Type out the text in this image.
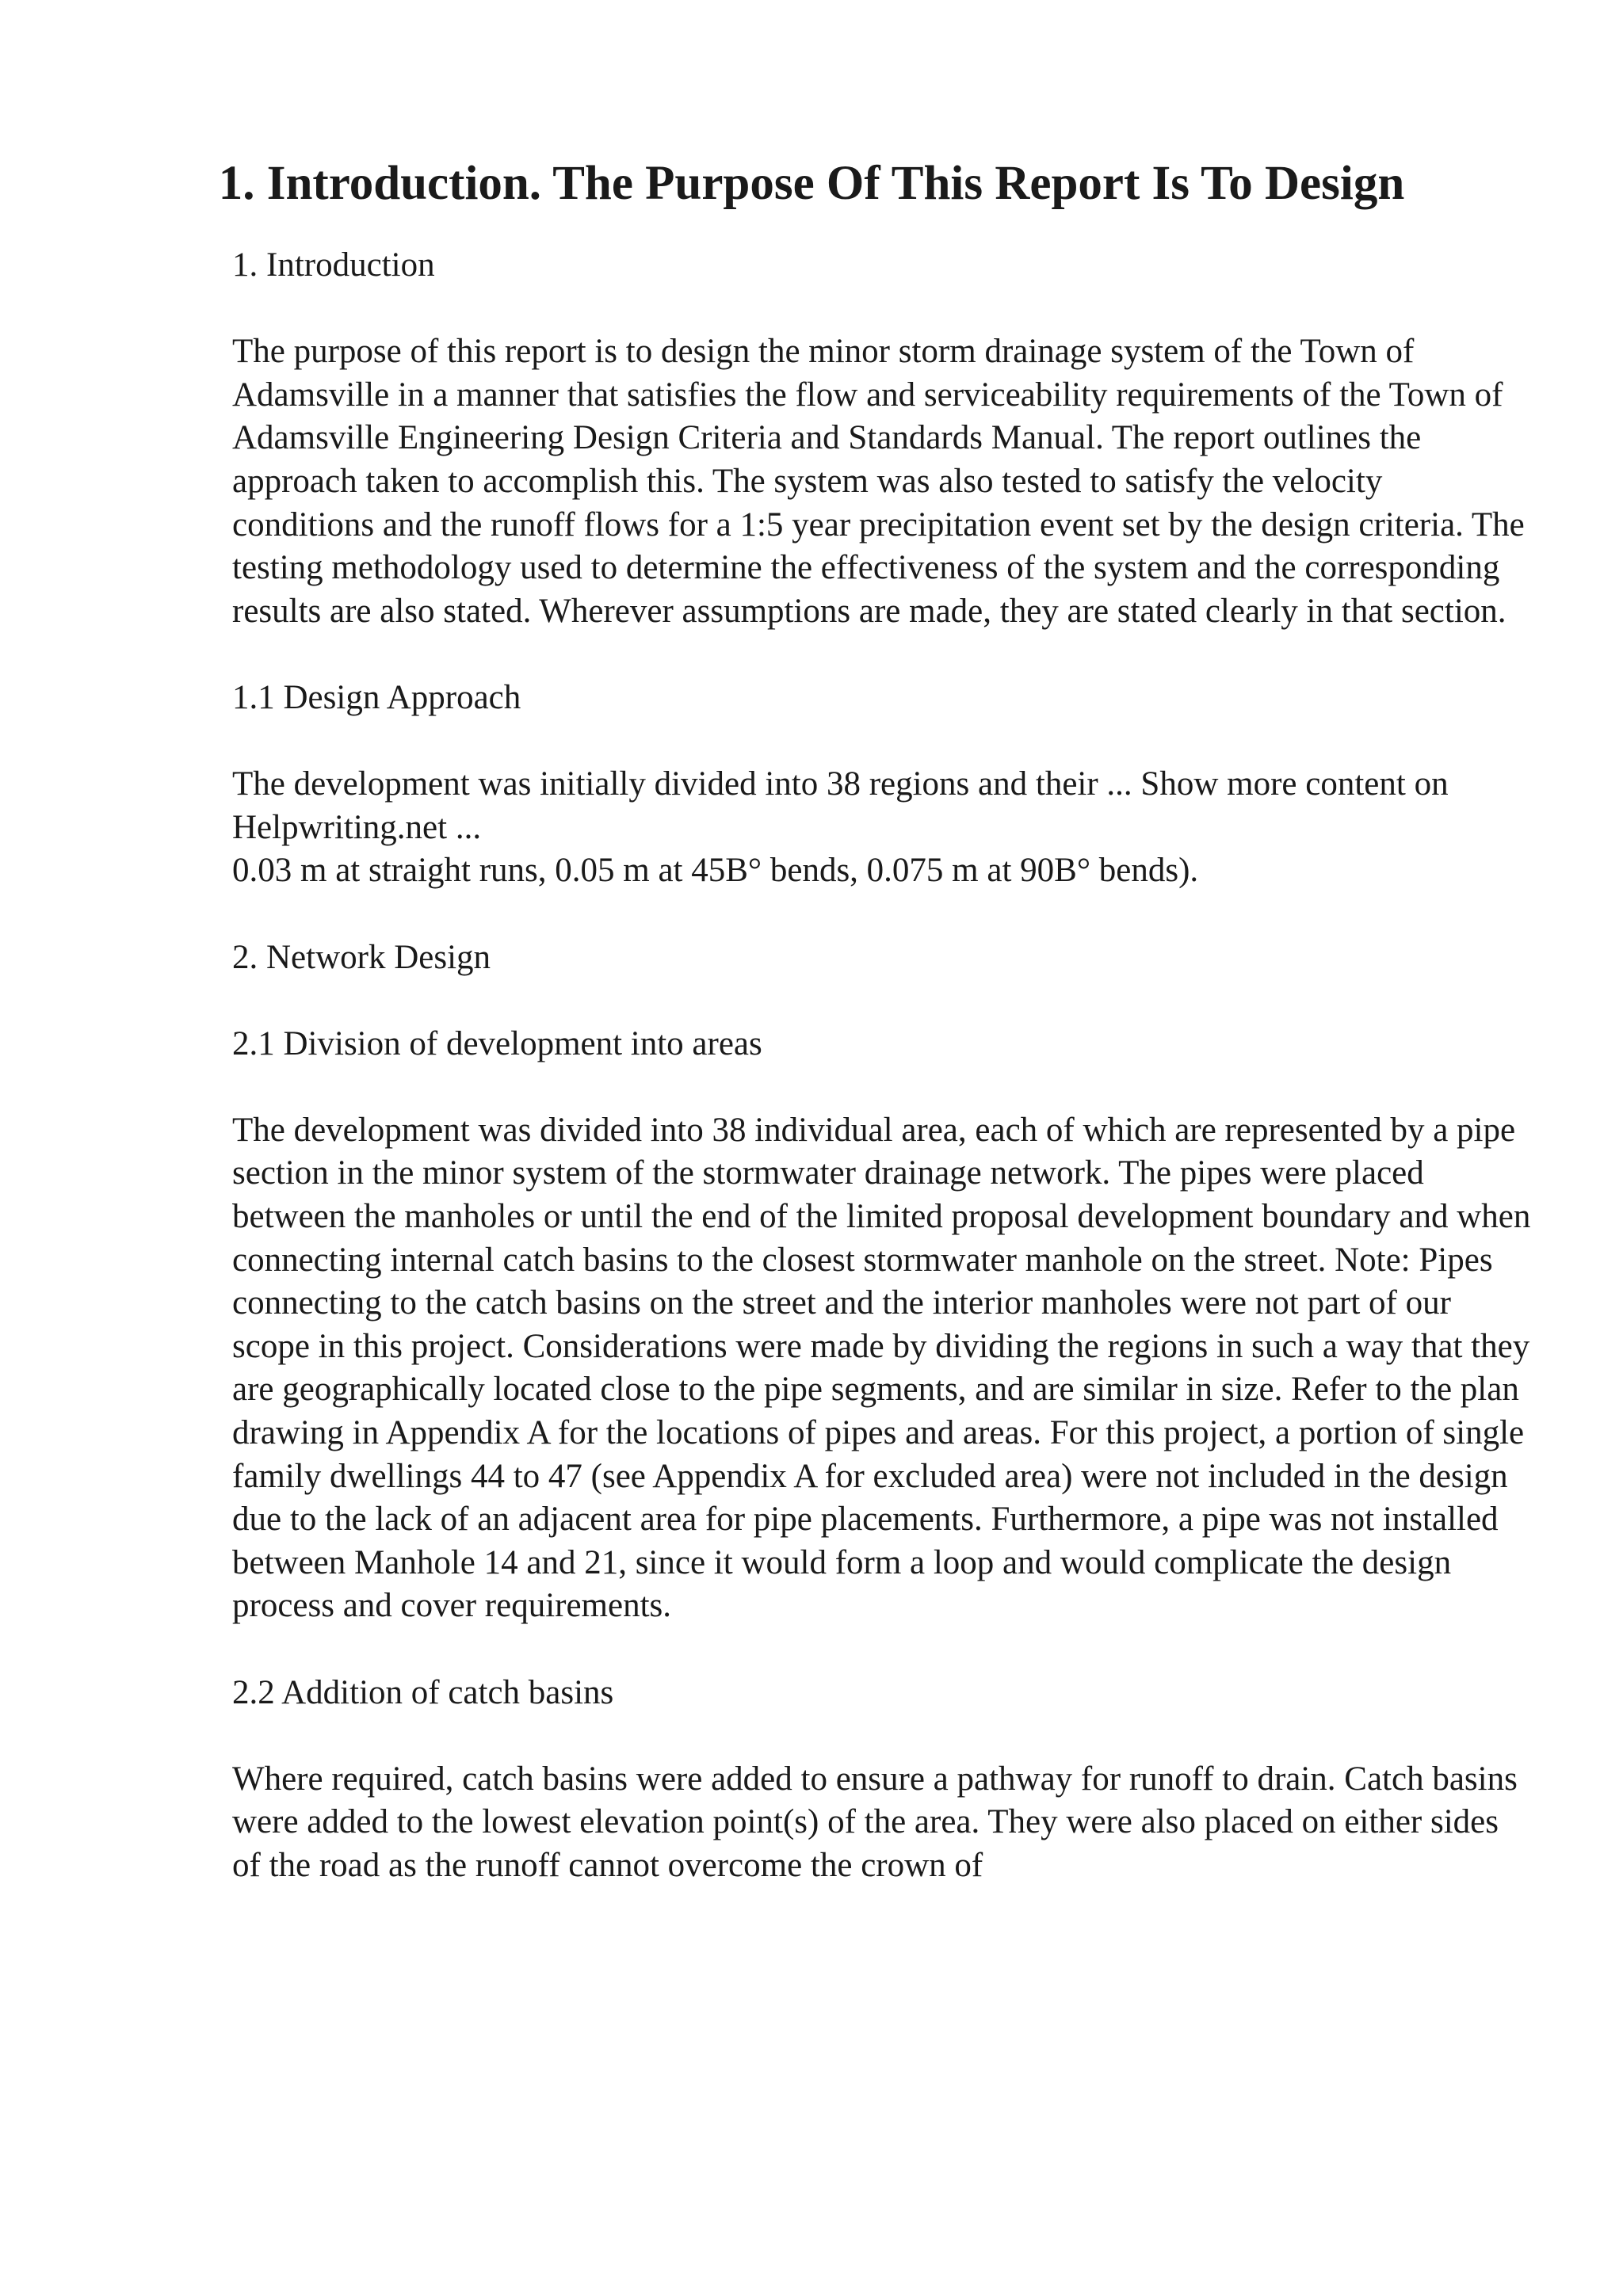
1. Introduction. The Purpose Of This Report Is To Design

1. Introduction

The purpose of this report is to design the minor storm drainage system of the Town of Adamsville in a manner that satisfies the flow and serviceability requirements of the Town of Adamsville Engineering Design Criteria and Standards Manual. The report outlines the approach taken to accomplish this. The system was also tested to satisfy the velocity conditions and the runoff flows for a 1:5 year precipitation event set by the design criteria. The testing methodology used to determine the effectiveness of the system and the corresponding results are also stated. Wherever assumptions are made, they are stated clearly in that section.

1.1 Design Approach

The development was initially divided into 38 regions and their ... Show more content on Helpwriting.net ...

0.03 m at straight runs, 0.05 m at 45B° bends, 0.075 m at 90B° bends).

2. Network Design

2.1 Division of development into areas

The development was divided into 38 individual area, each of which are represented by a pipe section in the minor system of the stormwater drainage network. The pipes were placed between the manholes or until the end of the limited proposal development boundary and when connecting internal catch basins to the closest stormwater manhole on the street. Note: Pipes connecting to the catch basins on the street and the interior manholes were not part of our scope in this project. Considerations were made by dividing the regions in such a way that they are geographically located close to the pipe segments, and are similar in size. Refer to the plan drawing in Appendix A for the locations of pipes and areas. For this project, a portion of single family dwellings 44 to 47 (see Appendix A for excluded area) were not included in the design due to the lack of an adjacent area for pipe placements. Furthermore, a pipe was not installed between Manhole 14 and 21, since it would form a loop and would complicate the design process and cover requirements.

2.2 Addition of catch basins

Where required, catch basins were added to ensure a pathway for runoff to drain. Catch basins were added to the lowest elevation point(s) of the area. They were also placed on either sides of the road as the runoff cannot overcome the crown of
